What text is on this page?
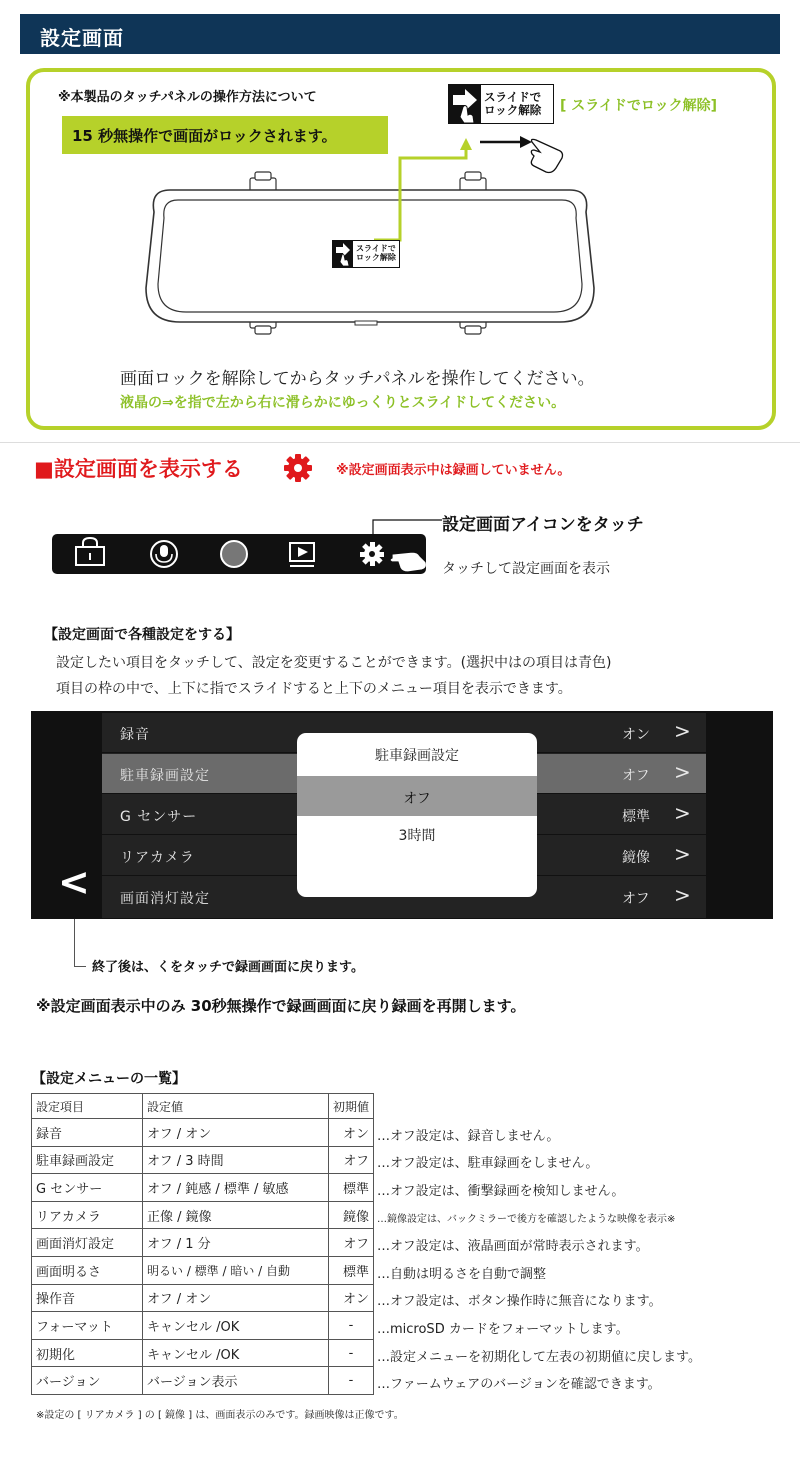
設定画面
※本製品のタッチパネルの操作方法について
15 秒無操作で画面がロックされます。
スライドで
ロック解除 [ スライドでロック解除]
スライドで
ロック解除
画面ロックを解除してからタッチパネルを操作してください。
液晶の⇒を指で左から右に滑らかにゆっくりとスライドしてください。
■設定画面を表示する	※設定画面表示中は録画していません。
設定画面アイコンをタッチ
タッチして設定画面を表示
【設定画面で各種設定をする】
設定したい項目をタッチして、設定を変更することができます。(選択中はの項目は青色)
項目の枠の中で、上下に指でスライドすると上下のメニュー項目を表示できます。
録音	オン >
駐車録画設定	オフ >
G センサー	標準 >
リアカメラ	鏡像 >
画面消灯設定	オフ >
<
駐車録画設定
オフ
3時間
終了後は、くをタッチで録画画面に戻ります。
※設定画面表示中のみ 30秒無操作で録画画面に戻り録画を再開します。
【設定メニューの一覧】
設定項目	設定値	初期値
録音	オフ / オン	オン
駐車録画設定	オフ / 3 時間	オフ
G センサー	オフ / 鈍感 / 標準 / 敏感	標準
リアカメラ	正像 / 鏡像	鏡像
画面消灯設定	オフ / 1 分	オフ
画面明るさ	明るい / 標準 / 暗い / 自動	標準
操作音	オフ / オン	オン
フォーマット	キャンセル /OK	-
初期化	キャンセル /OK	-
バージョン	バージョン表示	-
…オフ設定は、録音しません。
…オフ設定は、駐車録画をしません。
…オフ設定は、衝撃録画を検知しません。
…鏡像設定は、バックミラーで後方を確認したような映像を表示※
…オフ設定は、液晶画面が常時表示されます。
…自動は明るさを自動で調整
…オフ設定は、ボタン操作時に無音になります。
…microSD カードをフォーマットします。
…設定メニューを初期化して左表の初期値に戻します。
…ファームウェアのバージョンを確認できます。
※設定の [ リアカメラ ] の [ 鏡像 ] は、画面表示のみです。録画映像は正像です。
